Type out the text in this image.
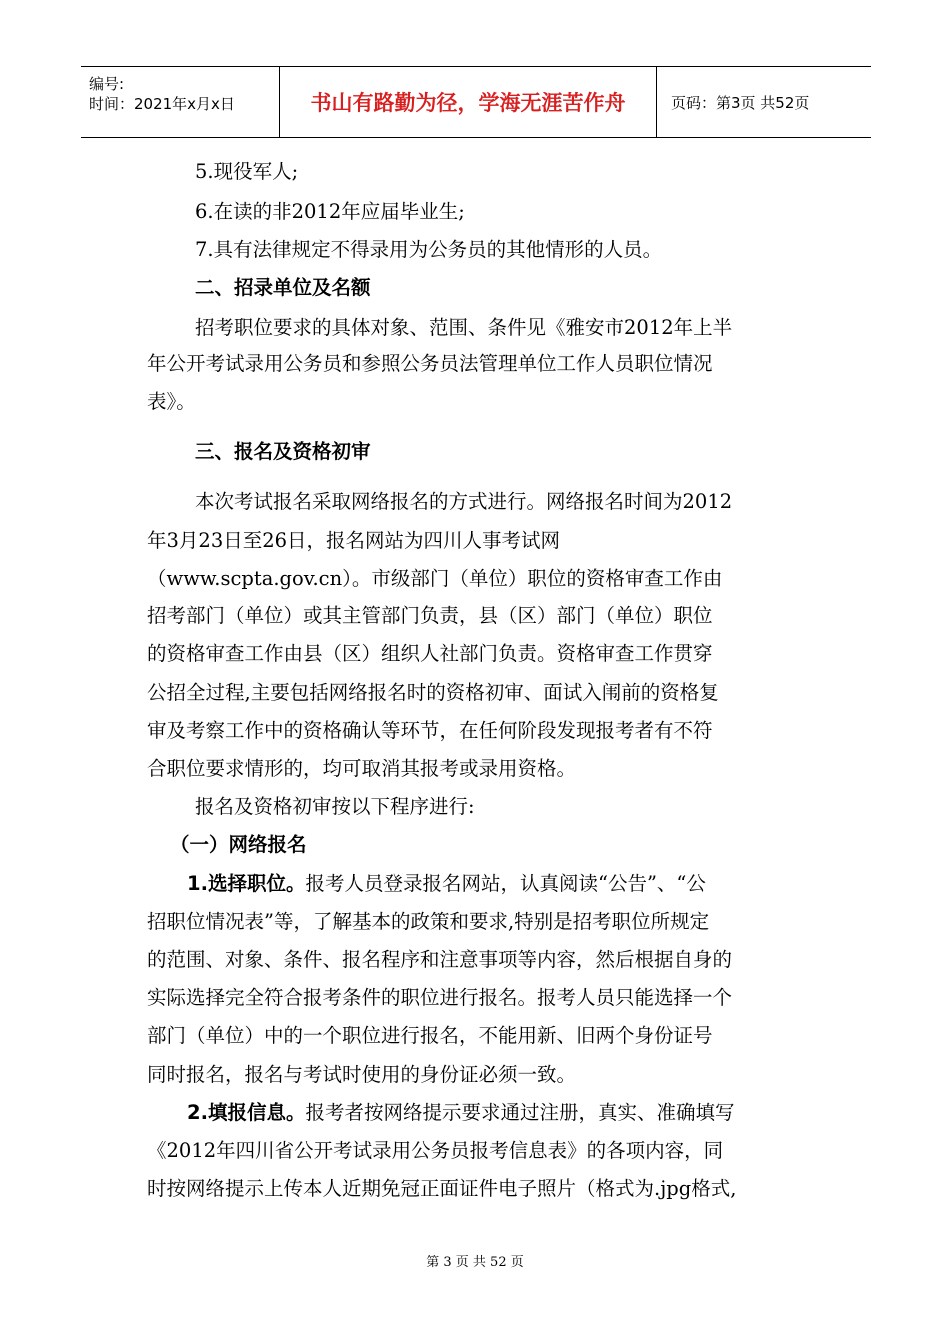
编号:
时间：2021年x月x日	书山有路勤为径，学海无涯苦作舟	页码：第3页 共52页
5.现役军人;
6.在读的非2012年应届毕业生;
7.具有法律规定不得录用为公务员的其他情形的人员。
二、招录单位及名额
招考职位要求的具体对象、范围、条件见《雅安市2012年上半
年公开考试录用公务员和参照公务员法管理单位工作人员职位情况
表》。
三、报名及资格初审
本次考试报名采取网络报名的方式进行。网络报名时间为2012
年3月23日至26日，报名网站为四川人事考试网
（www.scpta.gov.cn）。市级部门（单位）职位的资格审查工作由
招考部门（单位）或其主管部门负责，县（区）部门（单位）职位
的资格审查工作由县（区）组织人社部门负责。资格审查工作贯穿
公招全过程,主要包括网络报名时的资格初审、面试入闱前的资格复
审及考察工作中的资格确认等环节，在任何阶段发现报考者有不符
合职位要求情形的，均可取消其报考或录用资格。
报名及资格初审按以下程序进行:
（一）网络报名
1.选择职位。报考人员登录报名网站，认真阅读“公告”、“公
招职位情况表”等，了解基本的政策和要求,特别是招考职位所规定
的范围、对象、条件、报名程序和注意事项等内容，然后根据自身的
实际选择完全符合报考条件的职位进行报名。报考人员只能选择一个
部门（单位）中的一个职位进行报名，不能用新、旧两个身份证号
同时报名，报名与考试时使用的身份证必须一致。
2.填报信息。报考者按网络提示要求通过注册，真实、准确填写
《2012年四川省公开考试录用公务员报考信息表》的各项内容，同
时按网络提示上传本人近期免冠正面证件电子照片（格式为.jpg格式,
第 3 页 共 52 页
